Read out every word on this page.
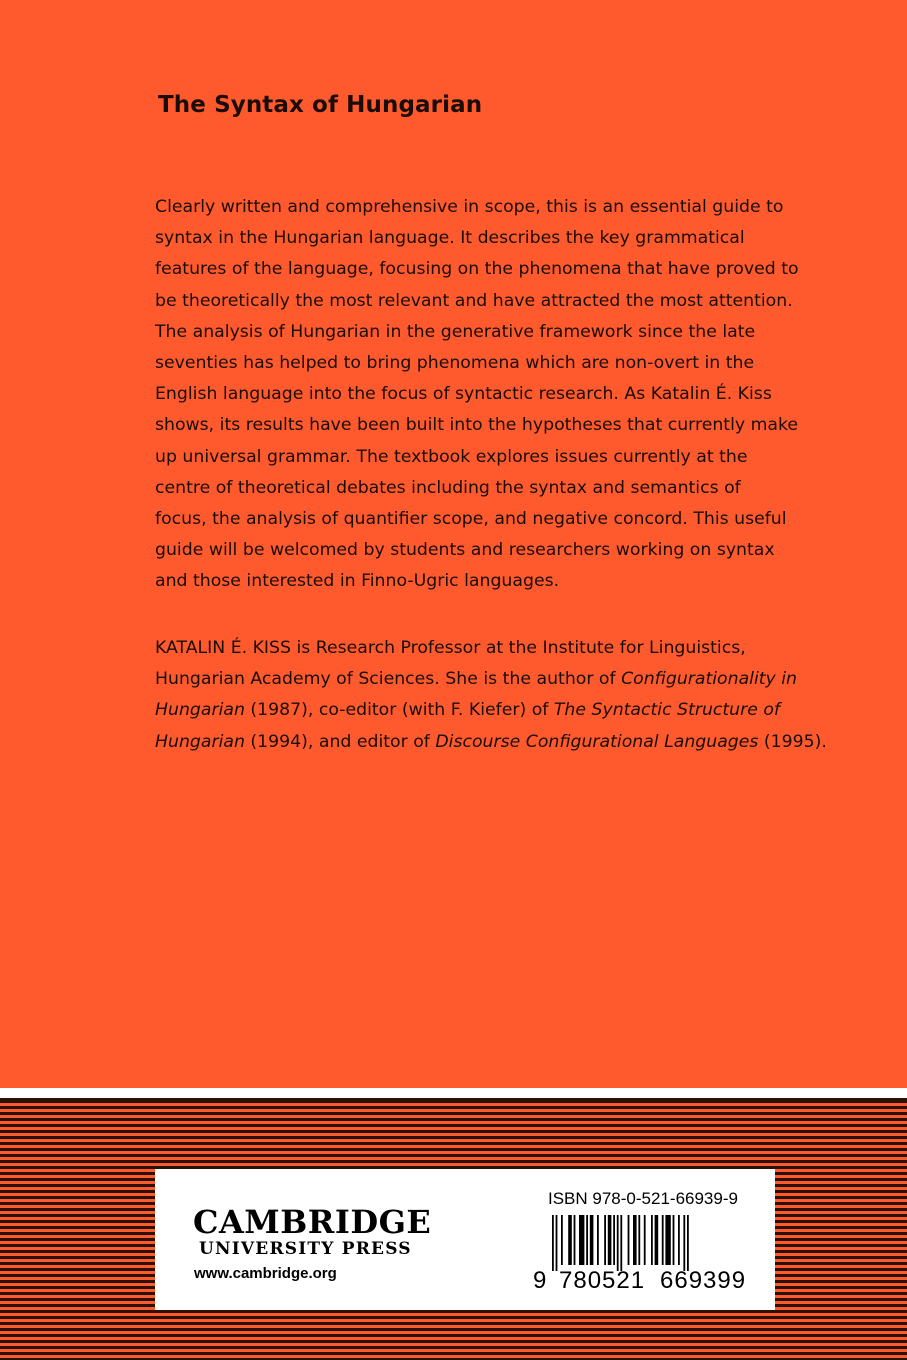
The Syntax of Hungarian

Clearly written and comprehensive in scope, this is an essential guide to
syntax in the Hungarian language. It describes the key grammatical
features of the language, focusing on the phenomena that have proved to
be theoretically the most relevant and have attracted the most attention.
The analysis of Hungarian in the generative framework since the late
seventies has helped to bring phenomena which are non-overt in the
English language into the focus of syntactic research. As Katalin É. Kiss
shows, its results have been built into the hypotheses that currently make
up universal grammar. The textbook explores issues currently at the
centre of theoretical debates including the syntax and semantics of
focus, the analysis of quantifier scope, and negative concord. This useful
guide will be welcomed by students and researchers working on syntax
and those interested in Finno-Ugric languages.

KATALIN É. KISS is Research Professor at the Institute for Linguistics,
Hungarian Academy of Sciences. She is the author of Configurationality in
Hungarian (1987), co-editor (with F. Kiefer) of The Syntactic Structure of
Hungarian (1994), and editor of Discourse Configurational Languages (1995).

CAMBRIDGE
UNIVERSITY PRESS
www.cambridge.org
ISBN 978-0-521-66939-9
9 780521 669399
